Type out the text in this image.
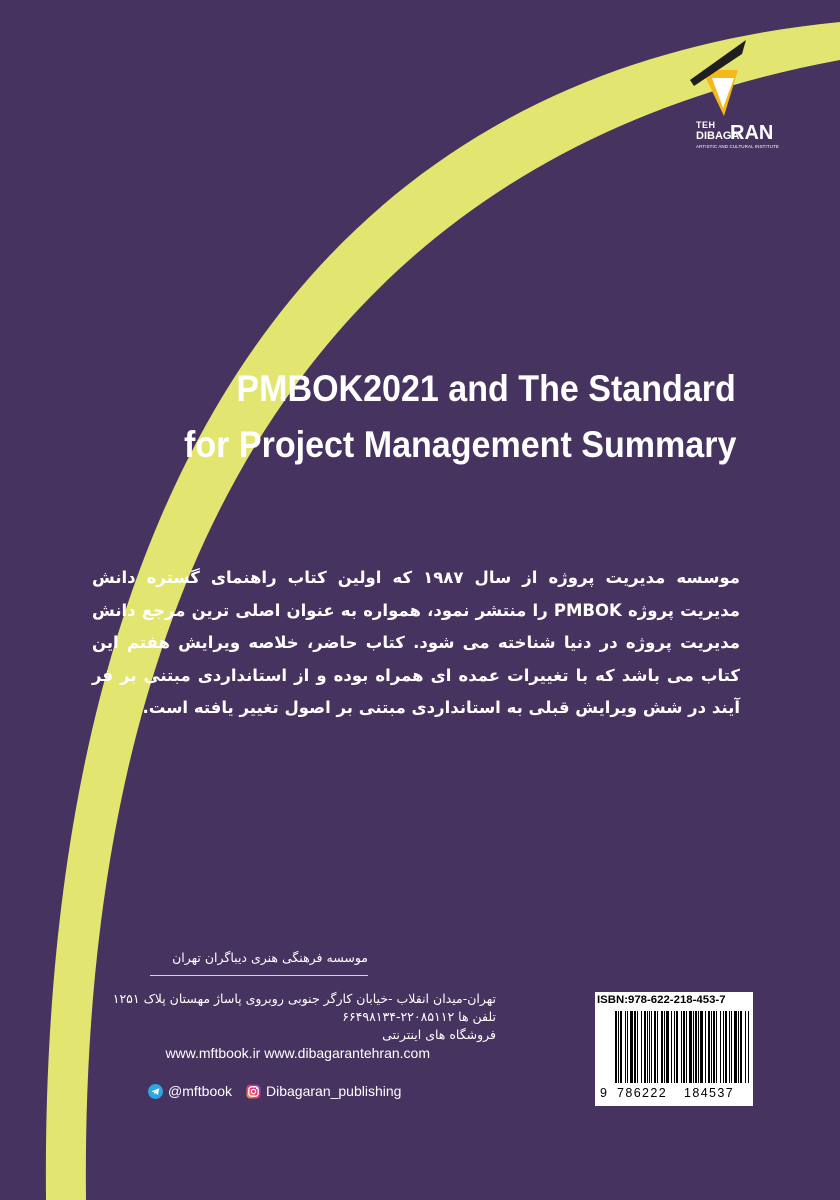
TEH
DIBAGA
RAN
ARTISTIC AND CULTURAL INSTITUTE
PMBOK2021 and The Standard
for Project Management Summary
موسسه مدیریت پروژه از سال ۱۹۸۷ که اولین کتاب راهنمای گستره دانش مدیریت پروژه PMBOK را منتشر نمود، همواره به عنوان اصلی ترین مرجع دانش مدیریت پروژه در دنیا شناخته می شود. کتاب حاضر، خلاصه ویرایش هفتم این کتاب می باشد که با تغییرات عمده ای همراه بوده و از استانداردی مبتنی بر فر آیند در شش ویرایش قبلی به استانداردی مبتنی بر اصول تغییر یافته است.
موسسه فرهنگی هنری دیباگران تهران
تهران-میدان انقلاب -خیابان کارگر جنوبی روبروی پاساژ مهستان پلاک ۱۲۵۱
تلفن ها ۲۲۰۸۵۱۱۲-۶۶۴۹۸۱۳۴
فروشگاه های اینترنتی
www.mftbook.ir www.dibagarantehran.com
@mftbook Dibagaran_publishing
ISBN:978-622-218-453-7
9 786222 184537
